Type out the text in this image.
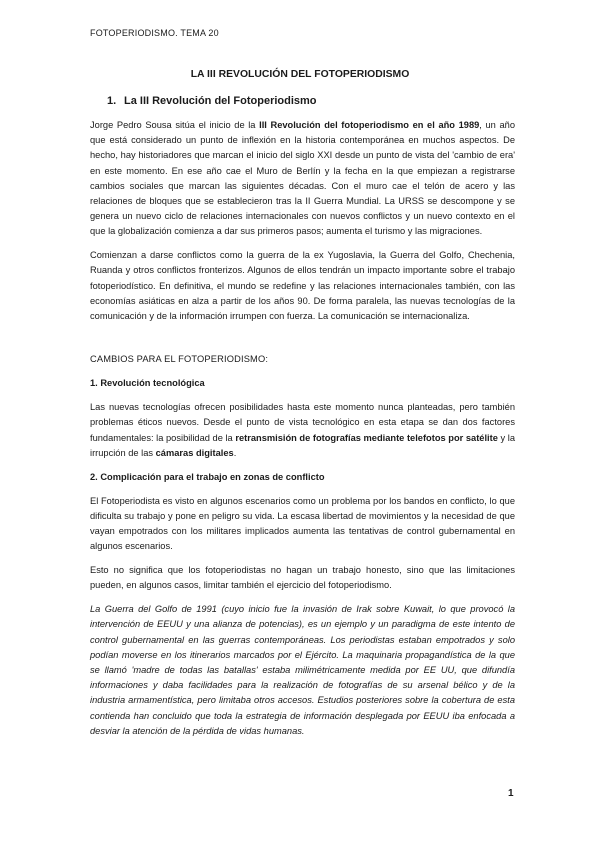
FOTOPERIODISMO. TEMA 20
LA III REVOLUCIÓN DEL FOTOPERIODISMO
1. La III Revolución del Fotoperiodismo

Jorge Pedro Sousa sitúa el inicio de la III Revolución del fotoperiodismo en el año 1989, un año que está considerado un punto de inflexión en la historia contemporánea en muchos aspectos. De hecho, hay historiadores que marcan el inicio del siglo XXI desde un punto de vista del 'cambio de era' en este momento. En ese año cae el Muro de Berlín y la fecha en la que empiezan a registrarse cambios sociales que marcan las siguientes décadas. Con el muro cae el telón de acero y las relaciones de bloques que se establecieron tras la II Guerra Mundial. La URSS se descompone y se genera un nuevo ciclo de relaciones internacionales con nuevos conflictos y un nuevo contexto en el que la globalización comienza a dar sus primeros pasos; aumenta el turismo y las migraciones.

Comienzan a darse conflictos como la guerra de la ex Yugoslavia, la Guerra del Golfo, Chechenia, Ruanda y otros conflictos fronterizos. Algunos de ellos tendrán un impacto importante sobre el trabajo fotoperiodístico. En definitiva, el mundo se redefine y las relaciones internacionales también, con las economías asiáticas en alza a partir de los años 90. De forma paralela, las nuevas tecnologías de la comunicación y de la información irrumpen con fuerza. La comunicación se internacionaliza.

CAMBIOS PARA EL FOTOPERIODISMO:

1. Revolución tecnológica

Las nuevas tecnologías ofrecen posibilidades hasta este momento nunca planteadas, pero también problemas éticos nuevos. Desde el punto de vista tecnológico en esta etapa se dan dos factores fundamentales: la posibilidad de la retransmisión de fotografías mediante telefotos por satélite y la irrupción de las cámaras digitales.

2. Complicación para el trabajo en zonas de conflicto

El Fotoperiodista es visto en algunos escenarios como un problema por los bandos en conflicto, lo que dificulta su trabajo y pone en peligro su vida. La escasa libertad de movimientos y la necesidad de que vayan empotrados con los militares implicados aumenta las tentativas de control gubernamental en algunos escenarios.

Esto no significa que los fotoperiodistas no hagan un trabajo honesto, sino que las limitaciones pueden, en algunos casos, limitar también el ejercicio del fotoperiodismo.

La Guerra del Golfo de 1991 (cuyo inicio fue la invasión de Irak sobre Kuwait, lo que provocó la intervención de EEUU y una alianza de potencias), es un ejemplo y un paradigma de este intento de control gubernamental en las guerras contemporáneas. Los periodistas estaban empotrados y solo podían moverse en los itinerarios marcados por el Ejército. La maquinaria propagandística de la que se llamó 'madre de todas las batallas' estaba milimétricamente medida por EE UU, que difundía informaciones y daba facilidades para la realización de fotografías de su arsenal bélico y de la industria armamentística, pero limitaba otros accesos. Estudios posteriores sobre la cobertura de esta contienda han concluido que toda la estrategia de información desplegada por EEUU iba enfocada a desviar la atención de la pérdida de vidas humanas.

1
